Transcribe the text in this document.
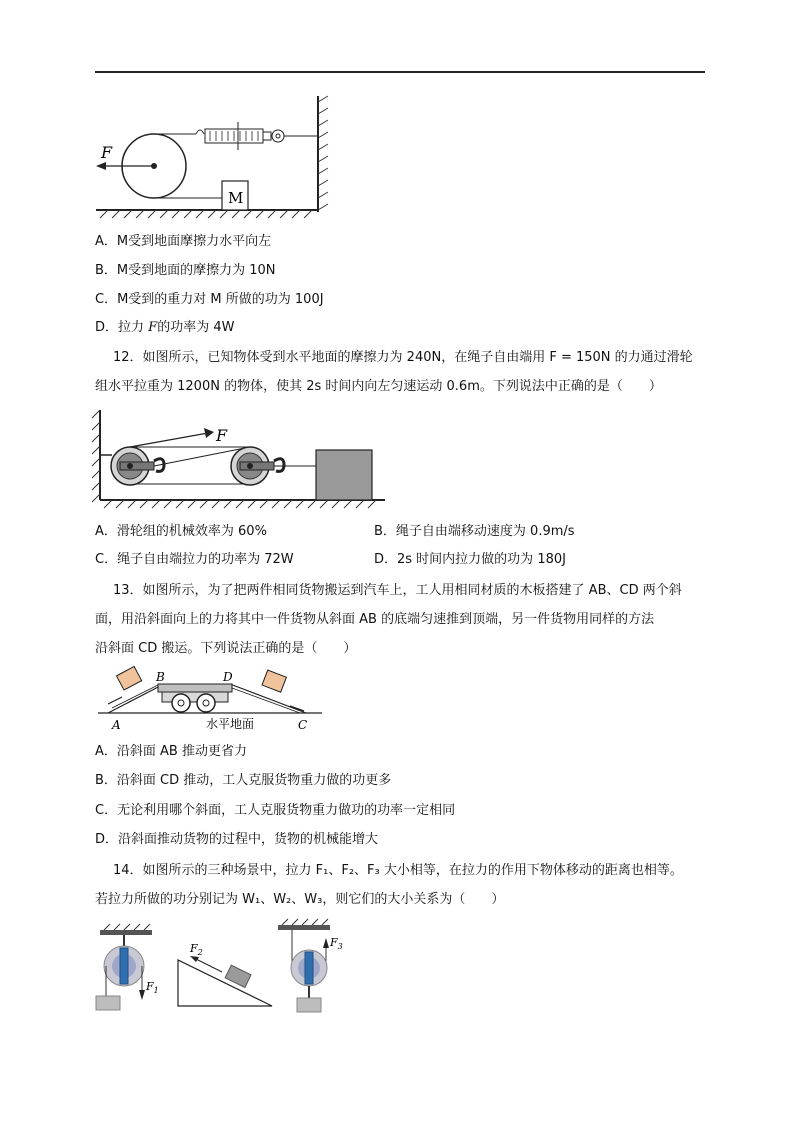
F
M
A．M受到地面摩擦力水平向左
B．M受到地面的摩擦力为 10N
C．M受到的重力对 M 所做的功为 100J
D．拉力 F的功率为 4W
12．如图所示，已知物体受到水平地面的摩擦力为 240N，在绳子自由端用 F = 150N 的力通过滑轮
组水平拉重为 1200N 的物体，使其 2s 时间内向左匀速运动 0.6m。下列说法中正确的是（　　）
F
A．滑轮组的机械效率为 60%	B．绳子自由端移动速度为 0.9m/s
C．绳子自由端拉力的功率为 72W	D．2s 时间内拉力做的功为 180J
13．如图所示，为了把两件相同货物搬运到汽车上，工人用相同材质的木板搭建了 AB、CD 两个斜
面，用沿斜面向上的力将其中一件货物从斜面 AB 的底端匀速推到顶端，另一件货物用同样的方法
沿斜面 CD 搬运。下列说法正确的是（　　）
A
B
C
D
水平地面
A．沿斜面 AB 推动更省力
B．沿斜面 CD 推动，工人克服货物重力做的功更多
C．无论利用哪个斜面，工人克服货物重力做功的功率一定相同
D．沿斜面推动货物的过程中，货物的机械能增大
14．如图所示的三种场景中，拉力 F₁、F₂、F₃ 大小相等，在拉力的作用下物体移动的距离也相等。
若拉力所做的功分别记为 W₁、W₂、W₃，则它们的大小关系为（　　）
$F_1$
$F_2$
$F_3$
